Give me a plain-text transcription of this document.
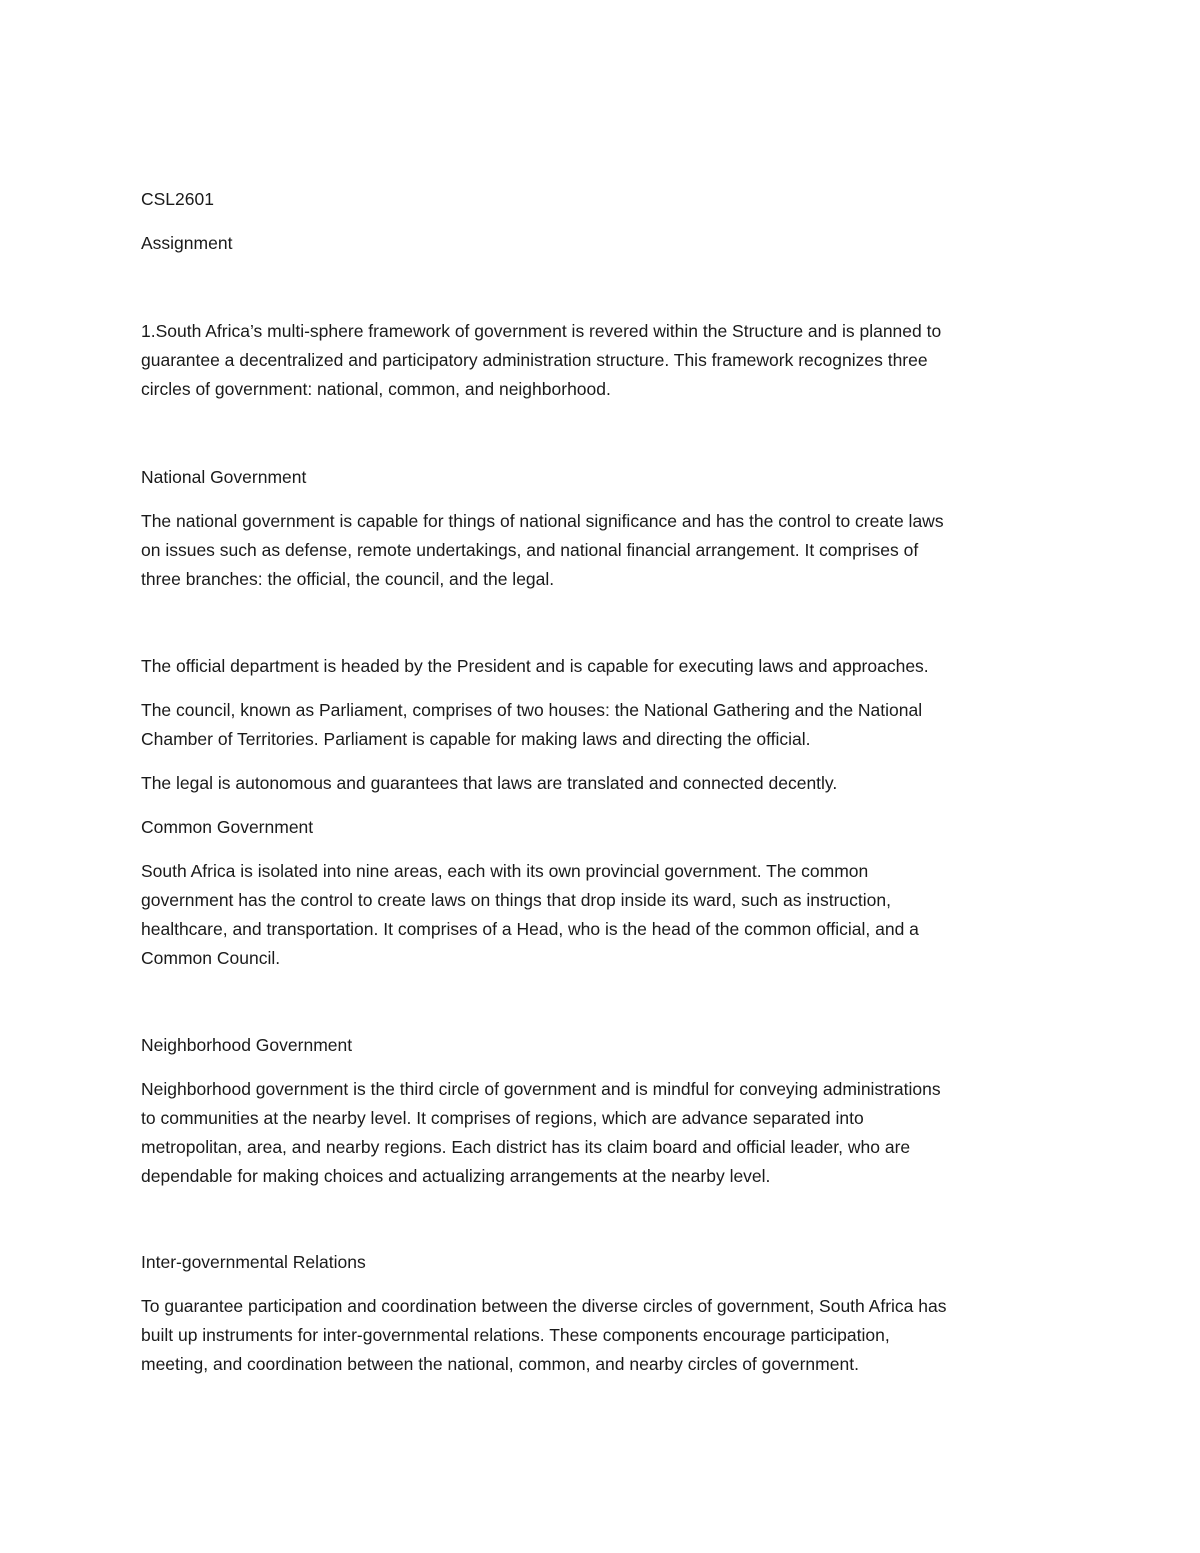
CSL2601
Assignment
1.South Africa’s multi-sphere framework of government is revered within the Structure and is planned to
guarantee a decentralized and participatory administration structure. This framework recognizes three
circles of government: national, common, and neighborhood.
National Government
The national government is capable for things of national significance and has the control to create laws
on issues such as defense, remote undertakings, and national financial arrangement. It comprises of
three branches: the official, the council, and the legal.
The official department is headed by the President and is capable for executing laws and approaches.
The council, known as Parliament, comprises of two houses: the National Gathering and the National
Chamber of Territories. Parliament is capable for making laws and directing the official.
The legal is autonomous and guarantees that laws are translated and connected decently.
Common Government
South Africa is isolated into nine areas, each with its own provincial government. The common
government has the control to create laws on things that drop inside its ward, such as instruction,
healthcare, and transportation. It comprises of a Head, who is the head of the common official, and a
Common Council.
Neighborhood Government
Neighborhood government is the third circle of government and is mindful for conveying administrations
to communities at the nearby level. It comprises of regions, which are advance separated into
metropolitan, area, and nearby regions. Each district has its claim board and official leader, who are
dependable for making choices and actualizing arrangements at the nearby level.
Inter-governmental Relations
To guarantee participation and coordination between the diverse circles of government, South Africa has
built up instruments for inter-governmental relations. These components encourage participation,
meeting, and coordination between the national, common, and nearby circles of government.
